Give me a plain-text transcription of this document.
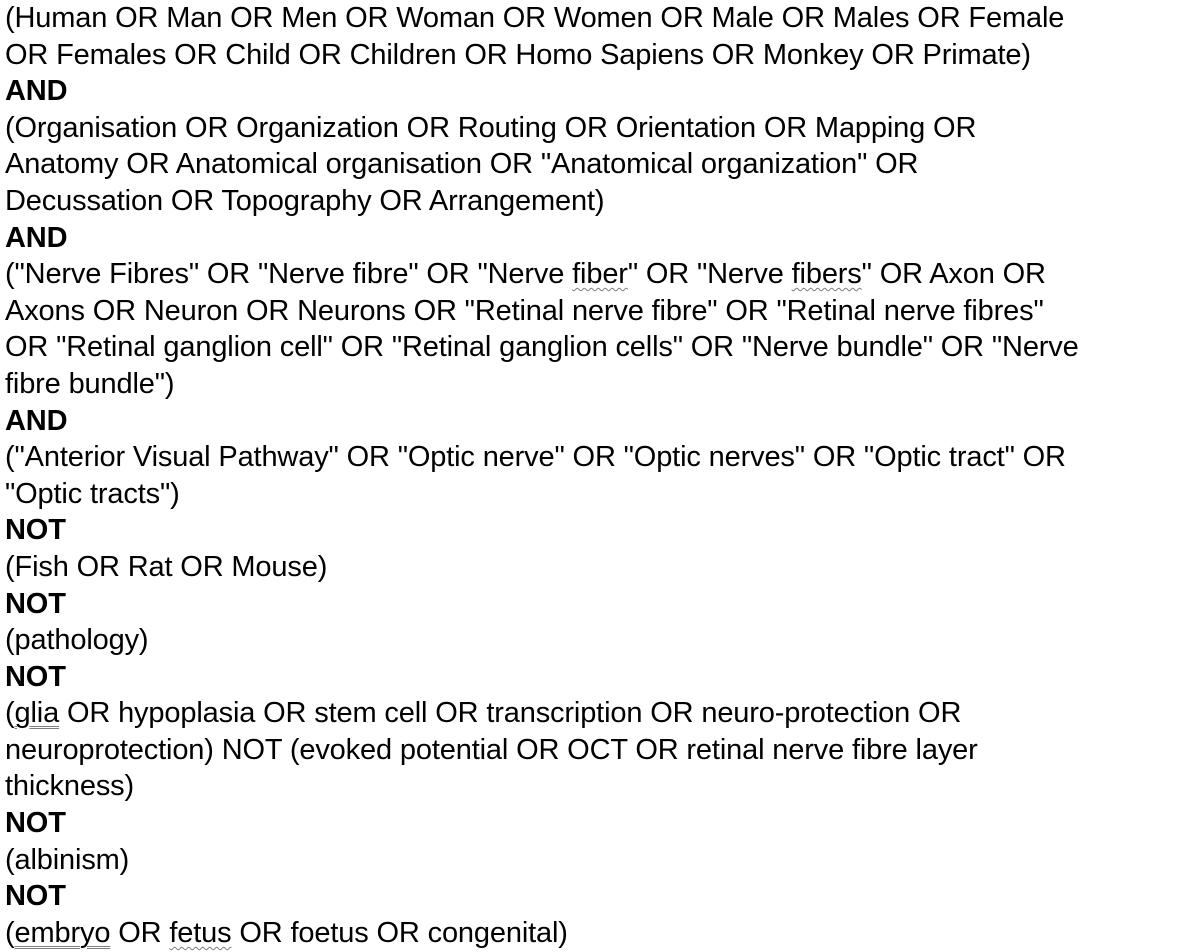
(Human OR Man OR Men OR Woman OR Women OR Male OR Males OR Female
OR Females OR Child OR Children OR Homo Sapiens OR Monkey OR Primate)
AND
(Organisation OR Organization OR Routing OR Orientation OR Mapping OR
Anatomy OR Anatomical organisation OR "Anatomical organization" OR
Decussation OR Topography OR Arrangement)
AND
("Nerve Fibres" OR "Nerve fibre" OR "Nerve fiber" OR "Nerve fibers" OR Axon OR
Axons OR Neuron OR Neurons OR "Retinal nerve fibre" OR "Retinal nerve fibres"
OR "Retinal ganglion cell" OR "Retinal ganglion cells" OR "Nerve bundle" OR "Nerve
fibre bundle")
AND
("Anterior Visual Pathway" OR "Optic nerve" OR "Optic nerves" OR "Optic tract" OR
"Optic tracts")
NOT
(Fish OR Rat OR Mouse)
NOT
(pathology)
NOT
(glia OR hypoplasia OR stem cell OR transcription OR neuro-protection OR
neuroprotection) NOT (evoked potential OR OCT OR retinal nerve fibre layer
thickness)
NOT
(albinism)
NOT
(embryo OR fetus OR foetus OR congenital)
